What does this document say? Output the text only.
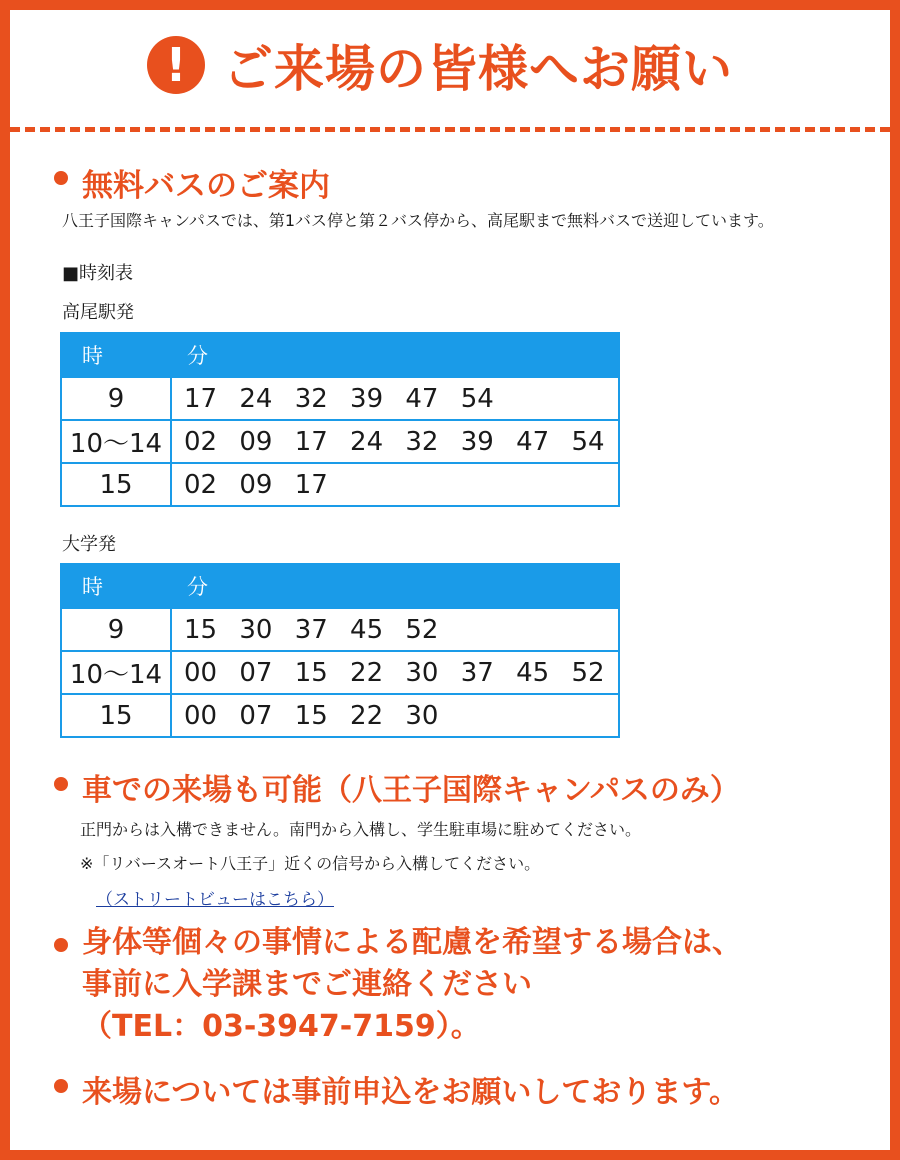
! ご来場の皆様へお願い
無料バスのご案内
八王子国際キャンパスでは、第1バス停と第２バス停から、高尾駅まで無料バスで送迎しています。
■時刻表
高尾駅発
時	分
9	17 24 32 39 47 54
10～14	02 09 17 24 32 39 47 54
15	02 09 17
大学発
時	分
9	15 30 37 45 52
10～14	00 07 15 22 30 37 45 52
15	00 07 15 22 30
車での来場も可能（八王子国際キャンパスのみ）
正門からは入構できません。南門から入構し、学生駐車場に駐めてください。
※「リバースオート八王子」近くの信号から入構してください。
（ストリートビューはこちら）
身体等個々の事情による配慮を希望する場合は、
事前に入学課までご連絡ください
（TEL：03-3947-7159）。
来場については事前申込をお願いしております。
